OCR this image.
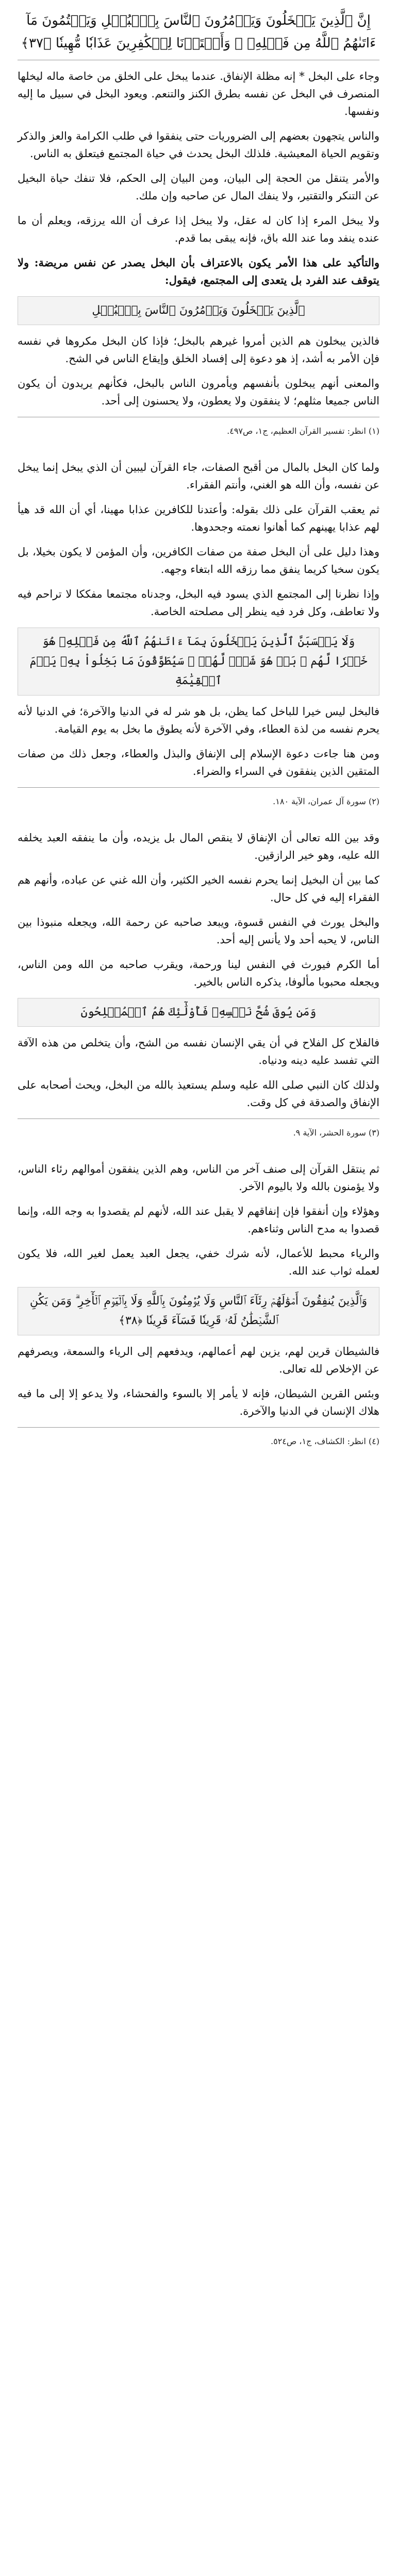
إِنَّ ٱلَّذِينَ يَبۡخَلُونَ وَيَأۡمُرُونَ ٱلنَّاسَ بِٱلۡبُخۡلِ وَيَكۡتُمُونَ مَآ ءَاتَىٰهُمُ ٱللَّهُ مِن فَضۡلِهِۦ ۗ وَأَعۡتَدۡنَا لِلۡكَٰفِرِينَ عَذَابٗا مُّهِينٗا ﴿٣٧﴾
وجاء على البخل * إنه مظلة الإنفاق. عندما يبخل على الخلق من خاصة ماله ليخلها المنصرف في البخل عن نفسه بطرق الكنز والتنعم. ويعود البخل في سبيل ما إليه ونفسها.
والناس يتجهون بعضهم إلى الضروريات حتى ينفقوا في طلب الكرامة والعز والذكر وتقويم الحياة المعيشية. فلذلك البخل يحدث في حياة المجتمع فيتعلق به الناس.
والأمر يتنقل من الحجة إلى البيان، ومن البيان إلى الحكم، فلا تنفك حياة البخيل عن التنكر والتقتير، ولا ينفك المال عن صاحبه وإن ملك.
ولا يبخل المرء إذا كان له عقل، ولا يبخل إذا عرف أن الله يرزقه، ويعلم أن ما عنده ينفد وما عند الله باق، فإنه يبقى بما قدم.
والتأكيد على هذا الأمر يكون بالاعتراف بأن البخل يصدر عن نفس مريضة: ولا يتوقف عند الفرد بل يتعدى إلى المجتمع، فيقول:
ٱلَّذِينَ يَبۡخَلُونَ وَيَأۡمُرُونَ ٱلنَّاسَ بِٱلۡبُخۡلِ
فالذين يبخلون هم الذين أمروا غيرهم بالبخل؛ فإذا كان البخل مكروها في نفسه فإن الأمر به أشد، إذ هو دعوة إلى إفساد الخلق وإيقاع الناس في الشح.
والمعنى أنهم يبخلون بأنفسهم ويأمرون الناس بالبخل، فكأنهم يريدون أن يكون الناس جميعا مثلهم؛ لا ينفقون ولا يعطون، ولا يحسنون إلى أحد.
(١) انظر: تفسير القرآن العظيم، ج١، ص٤٩٧.
ولما كان البخل بالمال من أقبح الصفات، جاء القرآن ليبين أن الذي يبخل إنما يبخل عن نفسه، وأن الله هو الغني، وأنتم الفقراء.
ثم يعقب القرآن على ذلك بقوله: وأعتدنا للكافرين عذابا مهينا، أي أن الله قد هيأ لهم عذابا يهينهم كما أهانوا نعمته وجحدوها.
وهذا دليل على أن البخل صفة من صفات الكافرين، وأن المؤمن لا يكون بخيلا، بل يكون سخيا كريما ينفق مما رزقه الله ابتغاء وجهه.
وإذا نظرنا إلى المجتمع الذي يسود فيه البخل، وجدناه مجتمعا مفككا لا تراحم فيه ولا تعاطف، وكل فرد فيه ينظر إلى مصلحته الخاصة.
وَلَا يَحۡسَبَنَّ ٱلَّذِينَ يَبۡخَلُونَ بِمَآ ءَاتَىٰهُمُ ٱللَّهُ مِن فَضۡلِهِۦ هُوَ خَيۡرٗا لَّهُم ۖ بَلۡ هُوَ شَرّٞ لَّهُمۡ ۖ سَيُطَوَّقُونَ مَا بَخِلُواْ بِهِۦ يَوۡمَ ٱلۡقِيَٰمَةِ
فالبخل ليس خيرا للباخل كما يظن، بل هو شر له في الدنيا والآخرة؛ في الدنيا لأنه يحرم نفسه من لذة العطاء، وفي الآخرة لأنه يطوق ما بخل به يوم القيامة.
ومن هنا جاءت دعوة الإسلام إلى الإنفاق والبذل والعطاء، وجعل ذلك من صفات المتقين الذين ينفقون في السراء والضراء.
(٢) سورة آل عمران، الآية ١٨٠.
وقد بين الله تعالى أن الإنفاق لا ينقص المال بل يزيده، وأن ما ينفقه العبد يخلفه الله عليه، وهو خير الرازقين.
كما بين أن البخيل إنما يحرم نفسه الخير الكثير، وأن الله غني عن عباده، وأنهم هم الفقراء إليه في كل حال.
والبخل يورث في النفس قسوة، ويبعد صاحبه عن رحمة الله، ويجعله منبوذا بين الناس، لا يحبه أحد ولا يأنس إليه أحد.
أما الكرم فيورث في النفس لينا ورحمة، ويقرب صاحبه من الله ومن الناس، ويجعله محبوبا مألوفا، يذكره الناس بالخير.
وَمَن يُوقَ شُحَّ نَفۡسِهِۦ فَأُوْلَٰٓئِكَ هُمُ ٱلۡمُفۡلِحُونَ
فالفلاح كل الفلاح في أن يقي الإنسان نفسه من الشح، وأن يتخلص من هذه الآفة التي تفسد عليه دينه ودنياه.
ولذلك كان النبي صلى الله عليه وسلم يستعيذ بالله من البخل، ويحث أصحابه على الإنفاق والصدقة في كل وقت.
(٣) سورة الحشر، الآية ٩.
ثم ينتقل القرآن إلى صنف آخر من الناس، وهم الذين ينفقون أموالهم رئاء الناس، ولا يؤمنون بالله ولا باليوم الآخر.
وهؤلاء وإن أنفقوا فإن إنفاقهم لا يقبل عند الله، لأنهم لم يقصدوا به وجه الله، وإنما قصدوا به مدح الناس وثناءهم.
والرياء محبط للأعمال، لأنه شرك خفي، يجعل العبد يعمل لغير الله، فلا يكون لعمله ثواب عند الله.
وَٱلَّذِينَ يُنفِقُونَ أَمۡوَٰلَهُمۡ رِئَآءَ ٱلنَّاسِ وَلَا يُؤۡمِنُونَ بِٱللَّهِ وَلَا بِٱلۡيَوۡمِ ٱلۡأٓخِرِ ۗ وَمَن يَكُنِ ٱلشَّيۡطَٰنُ لَهُۥ قَرِينٗا فَسَآءَ قَرِينٗا ﴿٣٨﴾
فالشيطان قرين لهم، يزين لهم أعمالهم، ويدفعهم إلى الرياء والسمعة، ويصرفهم عن الإخلاص لله تعالى.
وبئس القرين الشيطان، فإنه لا يأمر إلا بالسوء والفحشاء، ولا يدعو إلا إلى ما فيه هلاك الإنسان في الدنيا والآخرة.
(٤) انظر: الكشاف، ج١، ص٥٢٤.
